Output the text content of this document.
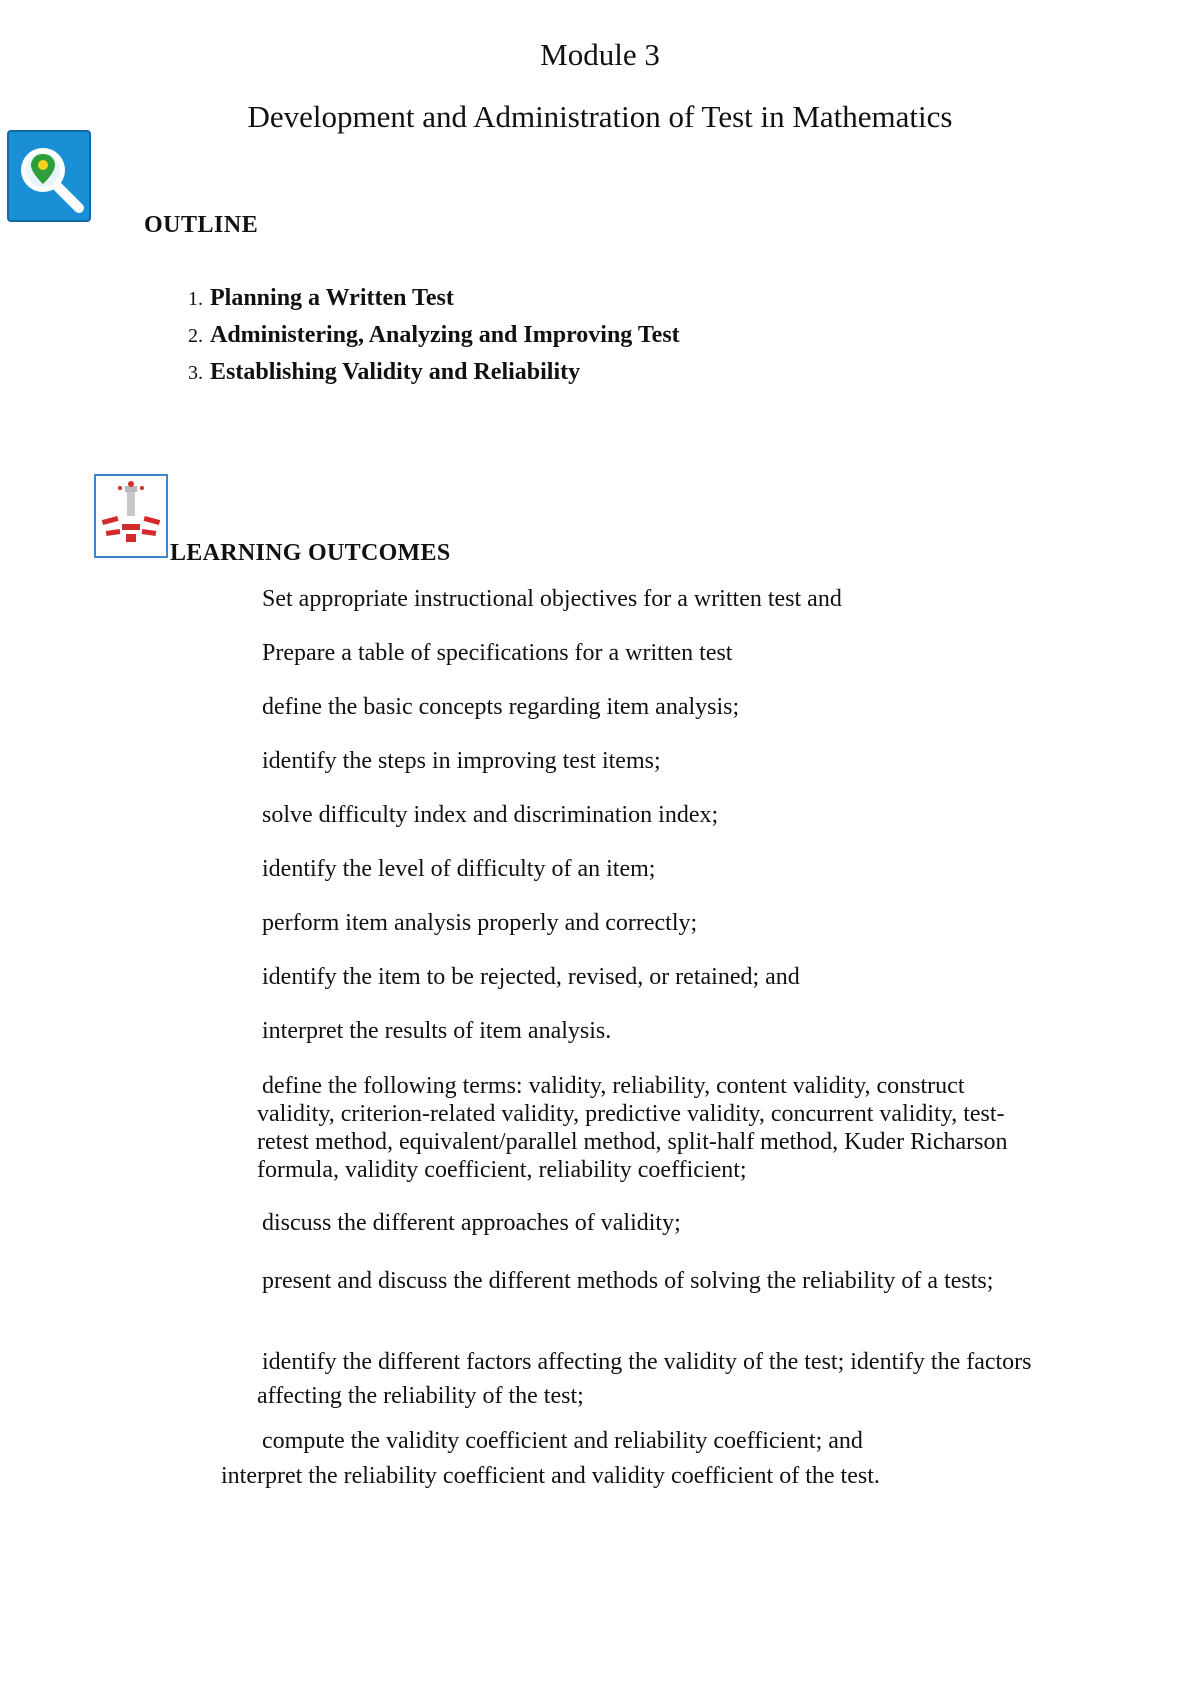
Module 3
Development and Administration of Test in Mathematics
OUTLINE
1. Planning a Written Test
2. Administering, Analyzing and Improving Test
3. Establishing Validity and Reliability
LEARNING OUTCOMES

Set appropriate instructional objectives for a written test and

Prepare a table of specifications for a written test

define the basic concepts regarding item analysis;

identify the steps in improving test items;

solve difficulty index and discrimination index;

identify the level of difficulty of an item;

perform item analysis properly and correctly;

identify the item to be rejected, revised, or retained; and

interpret the results of item analysis.

define the following terms: validity, reliability, content validity, construct validity, criterion-related validity, predictive validity, concurrent validity, test-retest method, equivalent/parallel method, split-half method, Kuder Richarson formula, validity coefficient, reliability coefficient;

discuss the different approaches of validity;

present and discuss the different methods of solving the reliability of a tests;

identify the different factors affecting the validity of the test; identify the factors affecting the reliability of the test;

compute the validity coefficient and reliability coefficient; and

interpret the reliability coefficient and validity coefficient of the test.
